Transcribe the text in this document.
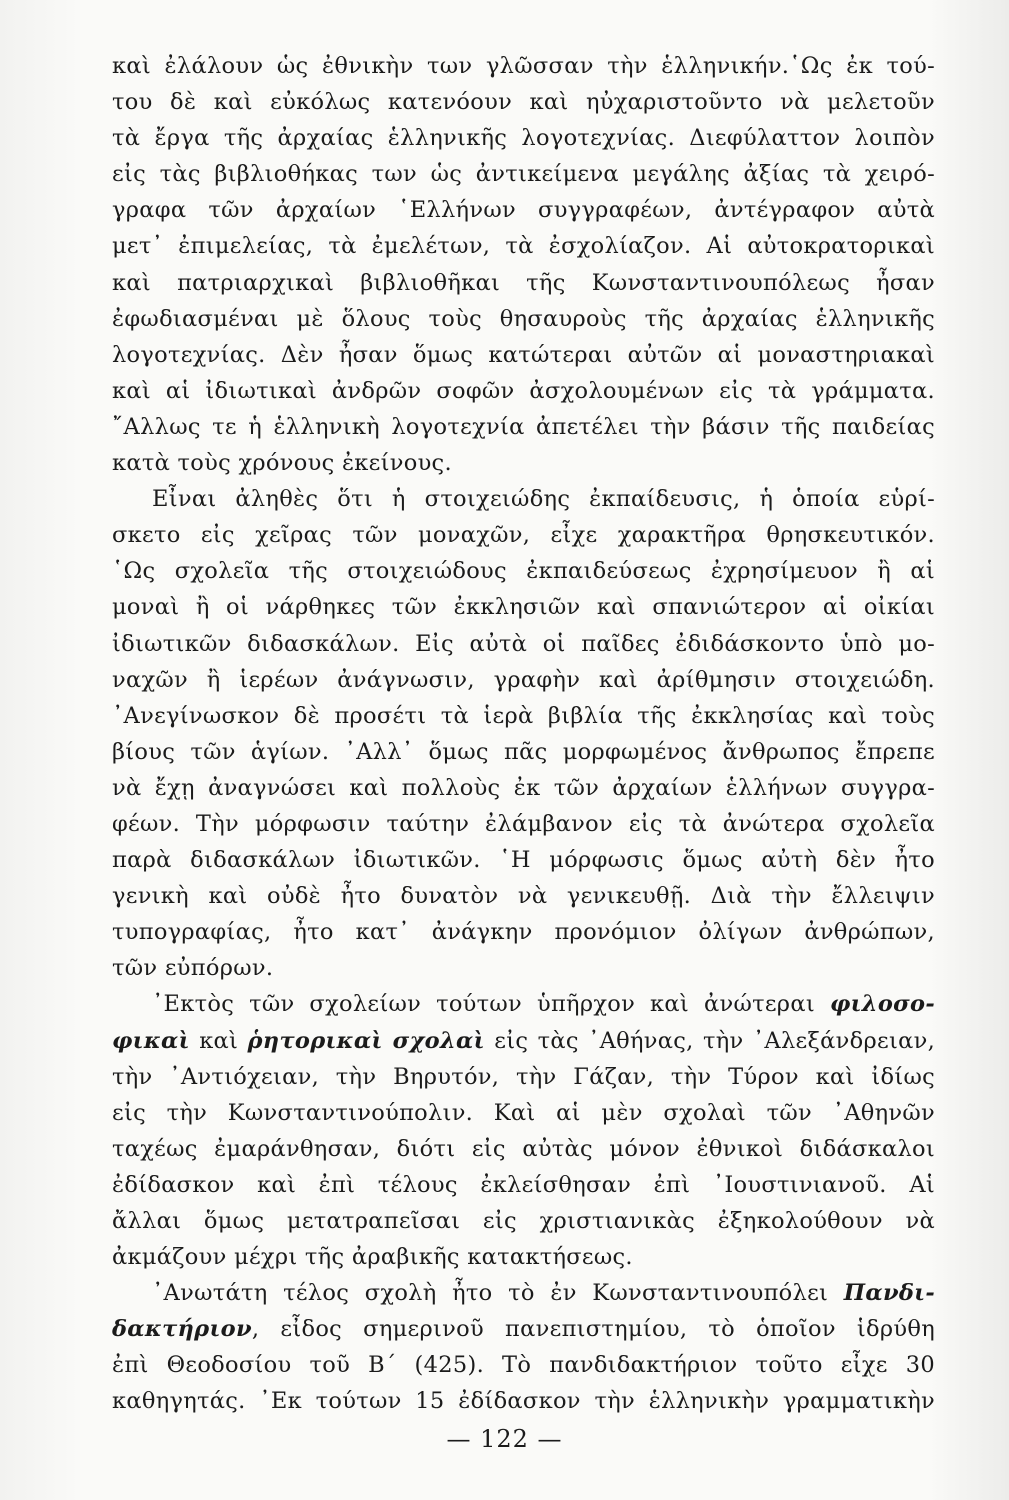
καὶ ἐλάλουν ὡς ἐθνικὴν των γλῶσσαν τὴν ἑλληνικήν.῾Ως ἐκ τού-
του δὲ καὶ εὐκόλως κατενόουν καὶ ηὐχαριστοῦντο νὰ μελετοῦν
τὰ ἔργα τῆς ἀρχαίας ἑλληνικῆς λογοτεχνίας. Διεφύλαττον λοιπὸν
εἰς τὰς βιβλιοθήκας των ὡς ἀντικείμενα μεγάλης ἀξίας τὰ χειρό-
γραφα τῶν ἀρχαίων ῾Ελλήνων συγγραφέων, ἀντέγραφον αὐτὰ
μετ᾽ ἐπιμελείας, τὰ ἐμελέτων, τὰ ἐσχολίαζον. Αἱ αὐτοκρατορικαὶ
καὶ πατριαρχικαὶ βιβλιοθῆκαι τῆς Κωνσταντινουπόλεως ἦσαν
ἐφωδιασμέναι μὲ ὅλους τοὺς θησαυροὺς τῆς ἀρχαίας ἑλληνικῆς
λογοτεχνίας. Δὲν ἦσαν ὅμως κατώτεραι αὐτῶν αἱ μοναστηριακαὶ
καὶ αἱ ἰδιωτικαὶ ἀνδρῶν σοφῶν ἀσχολουμένων εἰς τὰ γράμματα.
῎Αλλως τε ἡ ἑλληνικὴ λογοτεχνία ἀπετέλει τὴν βάσιν τῆς παιδείας
κατὰ τοὺς χρόνους ἐκείνους.

Εἶναι ἀληθὲς ὅτι ἡ στοιχειώδης ἐκπαίδευσις, ἡ ὁποία εὑρί-
σκετο εἰς χεῖρας τῶν μοναχῶν, εἶχε χαρακτῆρα θρησκευτικόν.
῾Ως σχολεῖα τῆς στοιχειώδους ἐκπαιδεύσεως ἐχρησίμευον ἢ αἱ
μοναὶ ἢ οἱ νάρθηκες τῶν ἐκκλησιῶν καὶ σπανιώτερον αἱ οἰκίαι
ἰδιωτικῶν διδασκάλων. Εἰς αὐτὰ οἱ παῖδες ἐδιδάσκοντο ὑπὸ μο-
ναχῶν ἢ ἱερέων ἀνάγνωσιν, γραφὴν καὶ ἀρίθμησιν στοιχειώδη.
᾿Ανεγίνωσκον δὲ προσέτι τὰ ἱερὰ βιβλία τῆς ἐκκλησίας καὶ τοὺς
βίους τῶν ἁγίων. ᾿Αλλ᾽ ὅμως πᾶς μορφωμένος ἄνθρωπος ἔπρεπε
νὰ ἔχῃ ἀναγνώσει καὶ πολλοὺς ἐκ τῶν ἀρχαίων ἑλλήνων συγγρα-
φέων. Τὴν μόρφωσιν ταύτην ἐλάμβανον εἰς τὰ ἀνώτερα σχολεῖα
παρὰ διδασκάλων ἰδιωτικῶν. ῾Η μόρφωσις ὅμως αὐτὴ δὲν ἦτο
γενικὴ καὶ οὐδὲ ἦτο δυνατὸν νὰ γενικευθῇ. Διὰ τὴν ἔλλειψιν
τυπογραφίας, ἦτο κατ᾽ ἀνάγκην προνόμιον ὀλίγων ἀνθρώπων,
τῶν εὐπόρων.

᾿Εκτὸς τῶν σχολείων τούτων ὑπῆρχον καὶ ἀνώτεραι φιλοσο-
φικαὶ καὶ ῥητορικαὶ σχολαὶ εἰς τὰς ᾿Αθήνας, τὴν ᾿Αλεξάνδρειαν,
τὴν ᾿Αντιόχειαν, τὴν Βηρυτόν, τὴν Γάζαν, τὴν Τύρον καὶ ἰδίως
εἰς τὴν Κωνσταντινούπολιν. Καὶ αἱ μὲν σχολαὶ τῶν ᾿Αθηνῶν
ταχέως ἐμαράνθησαν, διότι εἰς αὐτὰς μόνον ἐθνικοὶ διδάσκαλοι
ἐδίδασκον καὶ ἐπὶ τέλους ἐκλείσθησαν ἐπὶ ᾿Ιουστινιανοῦ. Αἱ
ἄλλαι ὅμως μετατραπεῖσαι εἰς χριστιανικὰς ἐξηκολούθουν νὰ
ἀκμάζουν μέχρι τῆς ἀραβικῆς κατακτήσεως.

᾿Ανωτάτη τέλος σχολὴ ἦτο τὸ ἐν Κωνσταντινουπόλει Πανδι-
δακτήριον, εἶδος σημερινοῦ πανεπιστημίου, τὸ ὁποῖον ἱδρύθη
ἐπὶ Θεοδοσίου τοῦ Β΄ (425). Τὸ πανδιδακτήριον τοῦτο εἶχε 30
καθηγητάς. ᾿Εκ τούτων 15 ἐδίδασκον τὴν ἑλληνικὴν γραμματικὴν

— 122 —
